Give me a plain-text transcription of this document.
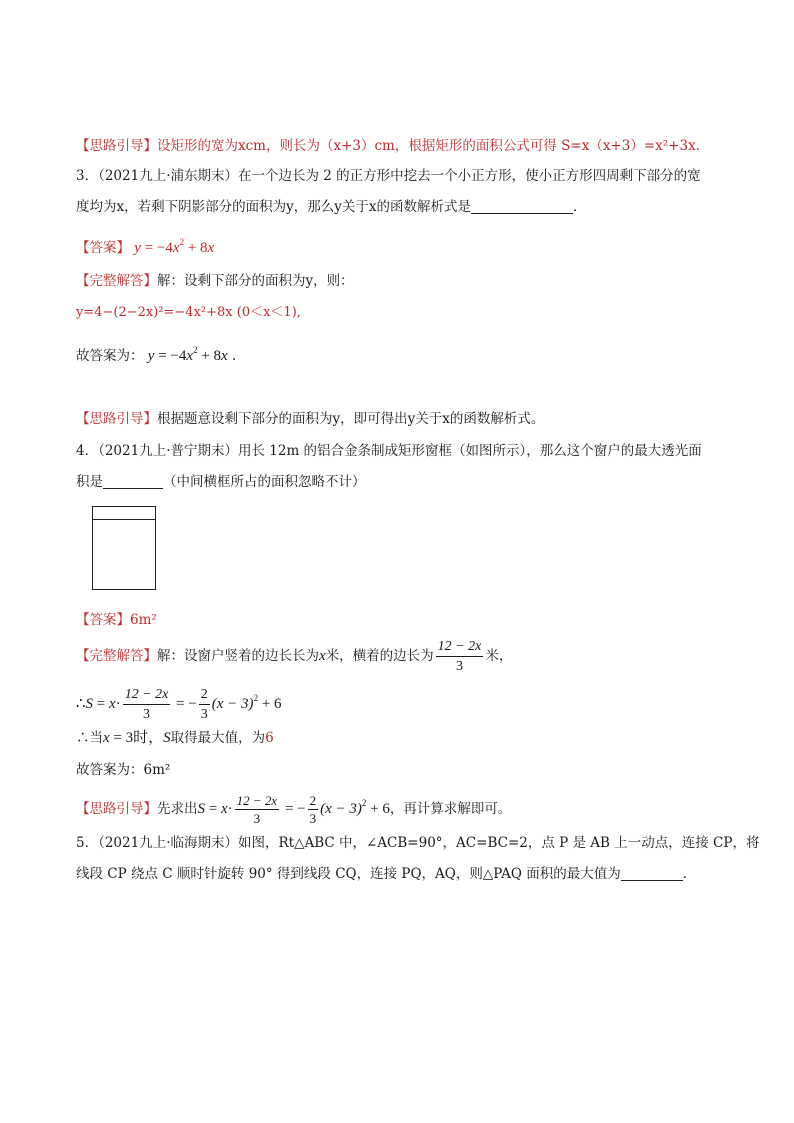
【思路引导】设矩形的宽为xcm，则长为（x+3）cm，根据矩形的面积公式可得 S=x（x+3）=x²+3x.
3．（2021九上·浦东期末）在一个边长为 2 的正方形中挖去一个小正方形，使小正方形四周剩下部分的宽
度均为x，若剩下阴影部分的面积为y，那么y关于x的函数解析式是	．
【答案】 $y = -4x^2 + 8x$
【完整解答】解：设剩下部分的面积为y，则：
y=4−(2−2x)²=−4x²+8x (0＜x＜1),
故答案为： $y = -4x^2 + 8x$ .
【思路引导】根据题意设剩下部分的面积为y，即可得出y关于x的函数解析式。
4．（2021九上·普宁期末）用长 12m 的铝合金条制成矩形窗框（如图所示），那么这个窗户的最大透光面
积是	（中间横框所占的面积忽略不计）
【答案】6m²
【完整解答】解：设窗户竖着的边长长为x米，横着的边长为 $\frac{12 - 2x}{3}$ 米，
∴S = $x\cdot \frac{12 - 2x}{3}$ = − $\frac{2}{3} (x - 3)^2 + 6$
∴当x = 3时，S取得最大值，为6
故答案为：6m²
【思路引导】先求出$S = x\cdot \frac{12 - 2x}{3}$ = − $\frac{2}{3} (x - 3)^2 + 6$，再计算求解即可。
5．（2021九上·临海期末）如图，Rt△ABC 中，∠ACB=90°，AC=BC=2，点 P 是 AB 上一动点，连接 CP，将
线段 CP 绕点 C 顺时针旋转 90° 得到线段 CQ，连接 PQ，AQ，则△PAQ 面积的最大值为	．
